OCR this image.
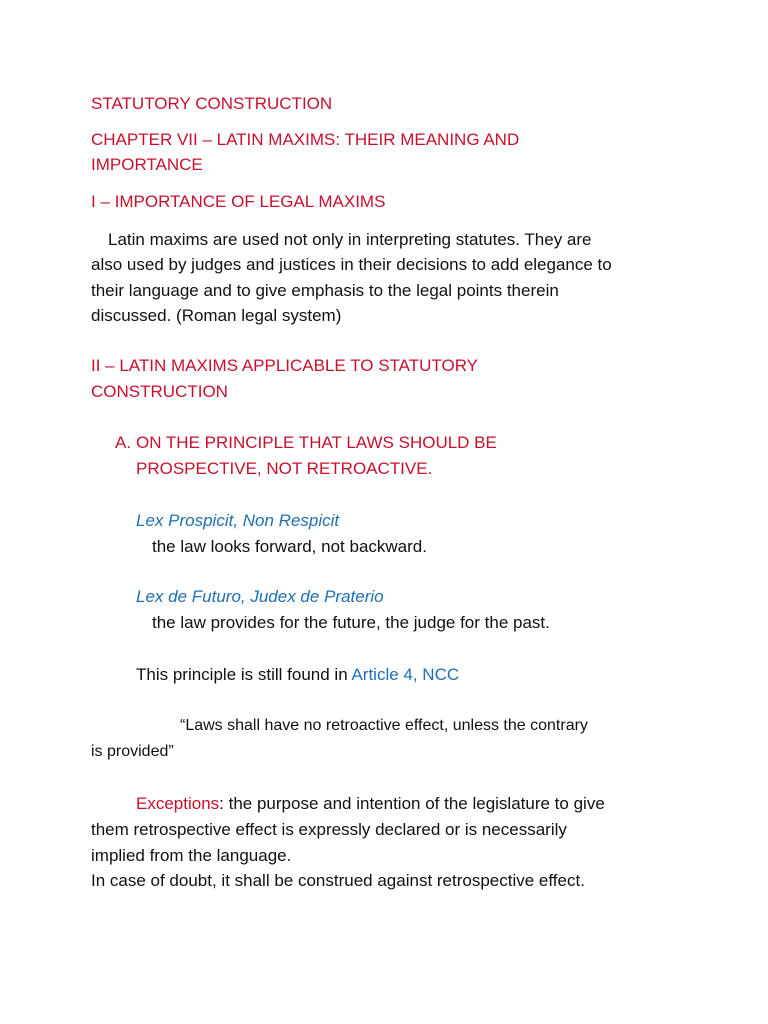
STATUTORY CONSTRUCTION
CHAPTER VII – LATIN MAXIMS: THEIR MEANING AND
IMPORTANCE
I – IMPORTANCE OF LEGAL MAXIMS
Latin maxims are used not only in interpreting statutes. They are
also used by judges and justices in their decisions to add elegance to
their language and to give emphasis to the legal points therein
discussed. (Roman legal system)
II – LATIN MAXIMS APPLICABLE TO STATUTORY
CONSTRUCTION
A. ON THE PRINCIPLE THAT LAWS SHOULD BE
PROSPECTIVE, NOT RETROACTIVE.
Lex Prospicit, Non Respicit
the law looks forward, not backward.
Lex de Futuro, Judex de Praterio
the law provides for the future, the judge for the past.
This principle is still found in Article 4, NCC
“Laws shall have no retroactive effect, unless the contrary
is provided”
Exceptions: the purpose and intention of the legislature to give
them retrospective effect is expressly declared or is necessarily
implied from the language.
In case of doubt, it shall be construed against retrospective effect.
